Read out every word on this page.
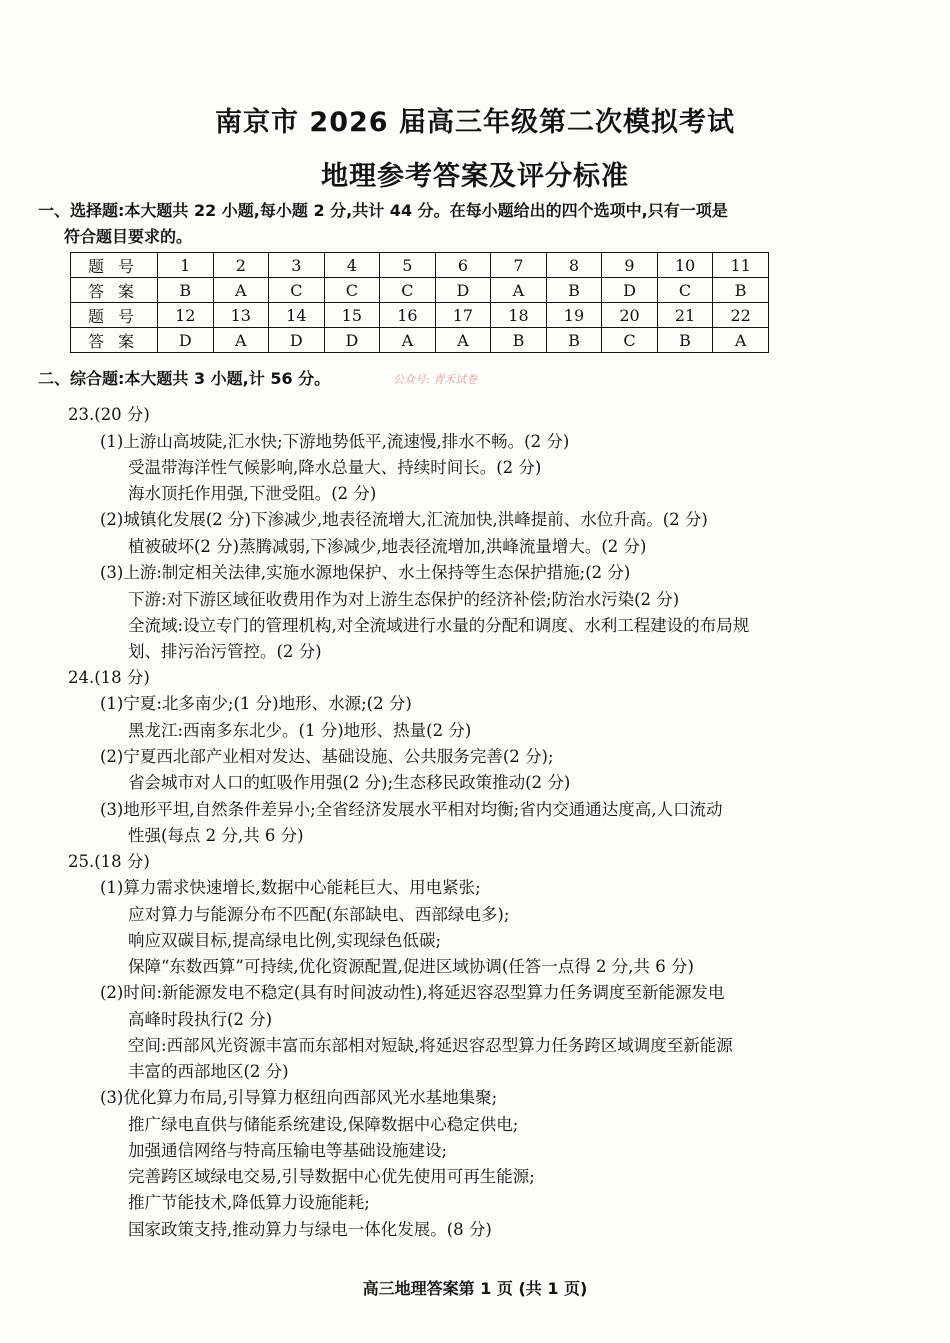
南京市 2026 届高三年级第二次模拟考试
地理参考答案及评分标准
一、选择题:本大题共 22 小题,每小题 2 分,共计 44 分。在每小题给出的四个选项中,只有一项是
符合题目要求的。
题号	1	2	3	4	5	6	7	8	9	10	11
答案	B	A	C	C	C	D	A	B	D	C	B
题号	12	13	14	15	16	17	18	19	20	21	22
答案	D	A	D	D	A	A	B	B	C	B	A
二、综合题:本大题共 3 小题,计 56 分。	公众号: 青禾试卷
23.(20 分)
(1)上游山高坡陡,汇水快;下游地势低平,流速慢,排水不畅。(2 分)
受温带海洋性气候影响,降水总量大、持续时间长。(2 分)
海水顶托作用强,下泄受阻。(2 分)
(2)城镇化发展(2 分)下渗减少,地表径流增大,汇流加快,洪峰提前、水位升高。(2 分)
植被破坏(2 分)蒸腾减弱,下渗减少,地表径流增加,洪峰流量增大。(2 分)
(3)上游:制定相关法律,实施水源地保护、水土保持等生态保护措施;(2 分)
下游:对下游区域征收费用作为对上游生态保护的经济补偿;防治水污染(2 分)
全流域:设立专门的管理机构,对全流域进行水量的分配和调度、水利工程建设的布局规
划、排污治污管控。(2 分)
24.(18 分)
(1)宁夏:北多南少;(1 分)地形、水源;(2 分)
黑龙江:西南多东北少。(1 分)地形、热量(2 分)
(2)宁夏西北部产业相对发达、基础设施、公共服务完善(2 分);
省会城市对人口的虹吸作用强(2 分);生态移民政策推动(2 分)
(3)地形平坦,自然条件差异小;全省经济发展水平相对均衡;省内交通通达度高,人口流动
性强(每点 2 分,共 6 分)
25.(18 分)
(1)算力需求快速增长,数据中心能耗巨大、用电紧张;
应对算力与能源分布不匹配(东部缺电、西部绿电多);
响应双碳目标,提高绿电比例,实现绿色低碳;
保障“东数西算”可持续,优化资源配置,促进区域协调(任答一点得 2 分,共 6 分)
(2)时间:新能源发电不稳定(具有时间波动性),将延迟容忍型算力任务调度至新能源发电
高峰时段执行(2 分)
空间:西部风光资源丰富而东部相对短缺,将延迟容忍型算力任务跨区域调度至新能源
丰富的西部地区(2 分)
(3)优化算力布局,引导算力枢纽向西部风光水基地集聚;
推广绿电直供与储能系统建设,保障数据中心稳定供电;
加强通信网络与特高压输电等基础设施建设;
完善跨区域绿电交易,引导数据中心优先使用可再生能源;
推广节能技术,降低算力设施能耗;
国家政策支持,推动算力与绿电一体化发展。(8 分)
高三地理答案第 1 页 (共 1 页)
